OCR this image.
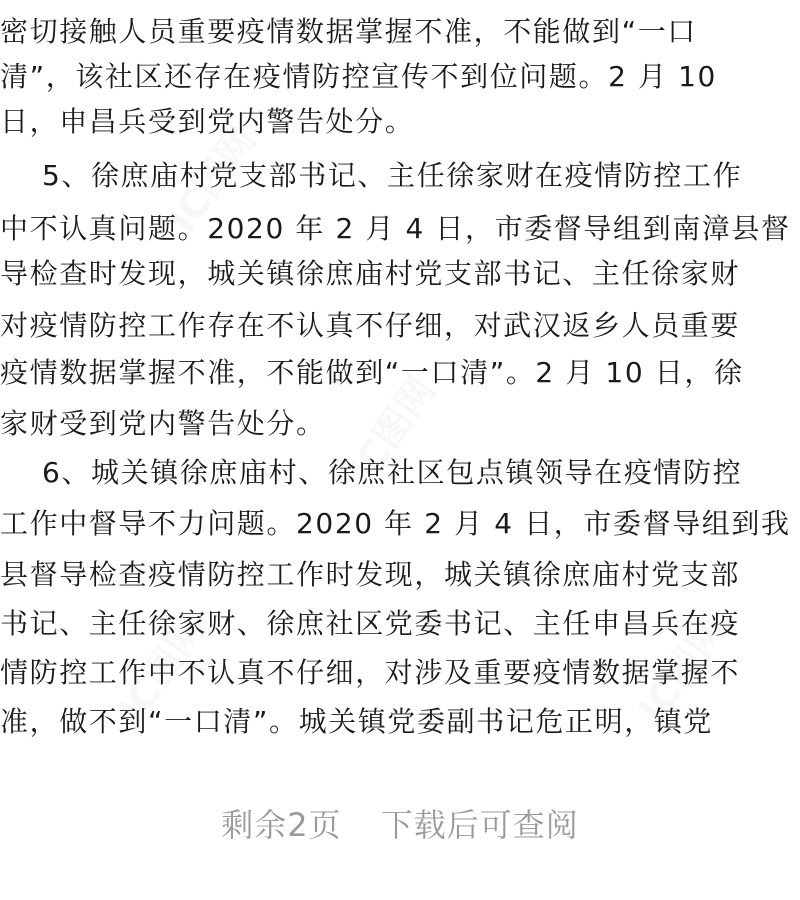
密切接触人员重要疫情数据掌握不准，不能做到“一口
清”，该社区还存在疫情防控宣传不到位问题。2 月 10
日，申昌兵受到党内警告处分。
5、徐庶庙村党支部书记、主任徐家财在疫情防控工作
中不认真问题。2020 年 2 月 4 日，市委督导组到南漳县督
导检查时发现，城关镇徐庶庙村党支部书记、主任徐家财
对疫情防控工作存在不认真不仔细，对武汉返乡人员重要
疫情数据掌握不准，不能做到“一口清”。2 月 10 日，徐
家财受到党内警告处分。
6、城关镇徐庶庙村、徐庶社区包点镇领导在疫情防控
工作中督导不力问题。2020 年 2 月 4 日，市委督导组到我
县督导检查疫情防控工作时发现，城关镇徐庶庙村党支部
书记、主任徐家财、徐庶社区党委书记、主任申昌兵在疫
情防控工作中不认真不仔细，对涉及重要疫情数据掌握不
准，做不到“一口清”。城关镇党委副书记危正明，镇党
IC图网
IC图网
IC图网
IC图网
剩余2页 下载后可查阅
